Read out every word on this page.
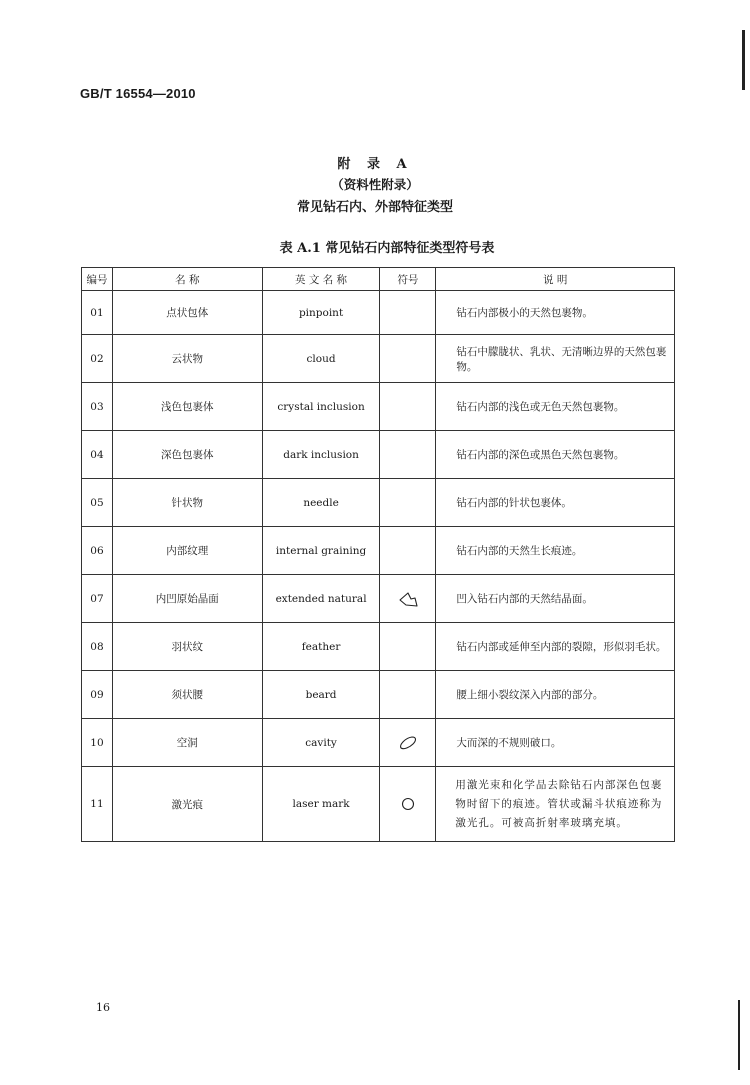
GB/T 16554—2010
附 录 A
（资料性附录）
常见钻石内、外部特征类型
表 A.1 常见钻石内部特征类型符号表
编号	名 称	英 文 名 称	符号	说 明
01	点状包体	pinpoint		钻石内部极小的天然包裹物。
02	云状物	cloud		钻石中朦胧状、乳状、无清晰边界的天然包裹物。
03	浅色包裹体	crystal inclusion		钻石内部的浅色或无色天然包裹物。
04	深色包裹体	dark inclusion		钻石内部的深色或黑色天然包裹物。
05	针状物	needle		钻石内部的针状包裹体。
06	内部纹理	internal graining		钻石内部的天然生长痕迹。
07	内凹原始晶面	extended natural		凹入钻石内部的天然结晶面。
08	羽状纹	feather		钻石内部或延伸至内部的裂隙，形似羽毛状。
09	须状腰	beard		腰上细小裂纹深入内部的部分。
10	空洞	cavity		大而深的不规则破口。
11	激光痕	laser mark		用激光束和化学品去除钻石内部深色包裹物时留下的痕迹。管状或漏斗状痕迹称为激光孔。可被高折射率玻璃充填。
16
